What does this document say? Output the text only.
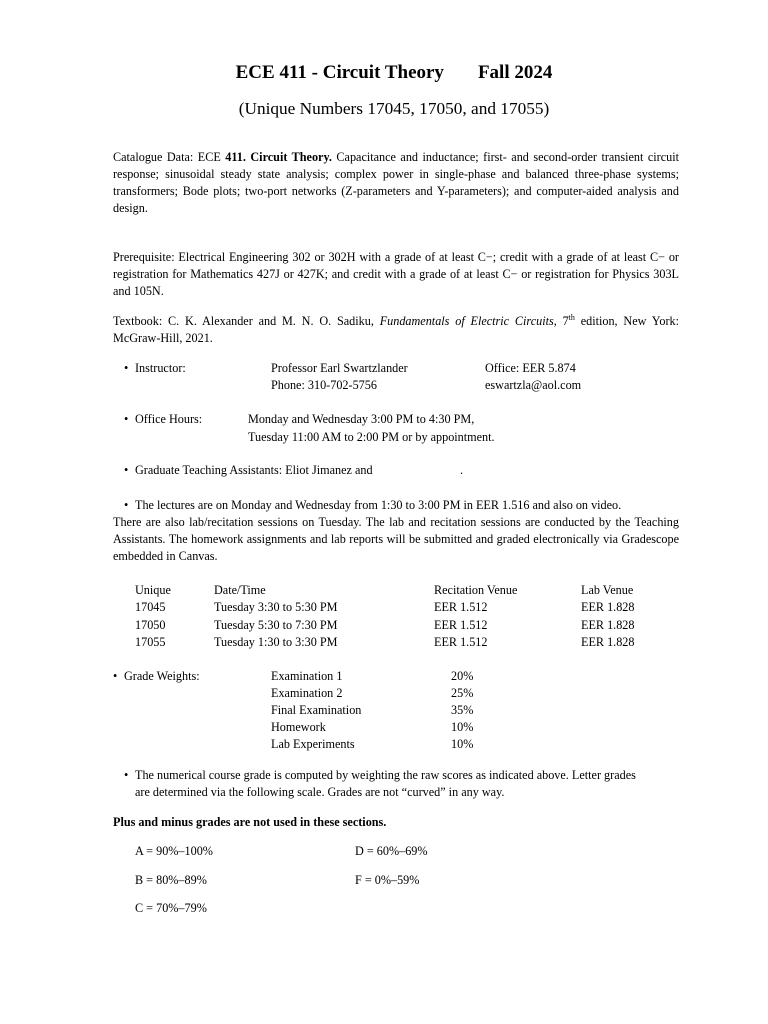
ECE 411 - Circuit Theory Fall 2024
(Unique Numbers 17045, 17050, and 17055)

Catalogue Data: ECE 411. Circuit Theory. Capacitance and inductance; first- and second-order transient circuit response; sinusoidal steady state analysis; complex power in single-phase and balanced three-phase systems; transformers; Bode plots; two-port networks (Z-parameters and Y-parameters); and computer-aided analysis and design.

Prerequisite: Electrical Engineering 302 or 302H with a grade of at least C−; credit with a grade of at least C− or registration for Mathematics 427J or 427K; and credit with a grade of at least C− or registration for Physics 303L and 105N.

Textbook: C. K. Alexander and M. N. O. Sadiku, Fundamentals of Electric Circuits, 7th edition, New York: McGraw-Hill, 2021.

• Instructor:	Professor Earl Swartzlander	Office: EER 5.874
Phone: 310-702-5756	eswartzla@aol.com
• Office Hours:	Monday and Wednesday 3:00 PM to 4:30 PM,
Tuesday 11:00 AM to 2:00 PM or by appointment.
• Graduate Teaching Assistants: Eliot Jimanez and	.
• The lectures are on Monday and Wednesday from 1:30 to 3:00 PM in EER 1.516 and also on video.

There are also lab/recitation sessions on Tuesday. The lab and recitation sessions are conducted by the Teaching Assistants. The homework assignments and lab reports will be submitted and graded electronically via Gradescope embedded in Canvas.

Unique	Date/Time	Recitation Venue	Lab Venue
17045	Tuesday 3:30 to 5:30 PM	EER 1.512	EER 1.828
17050	Tuesday 5:30 to 7:30 PM	EER 1.512	EER 1.828
17055	Tuesday 1:30 to 3:30 PM	EER 1.512	EER 1.828
• Grade Weights:	Examination 1	20%
Examination 2	25%
Final Examination	35%
Homework	10%
Lab Experiments	10%
• The numerical course grade is computed by weighting the raw scores as indicated above. Letter grades
are determined via the following scale. Grades are not “curved” in any way.
Plus and minus grades are not used in these sections.
A = 90%–100%	D = 60%–69%
B = 80%–89%	F = 0%–59%
C = 70%–79%
